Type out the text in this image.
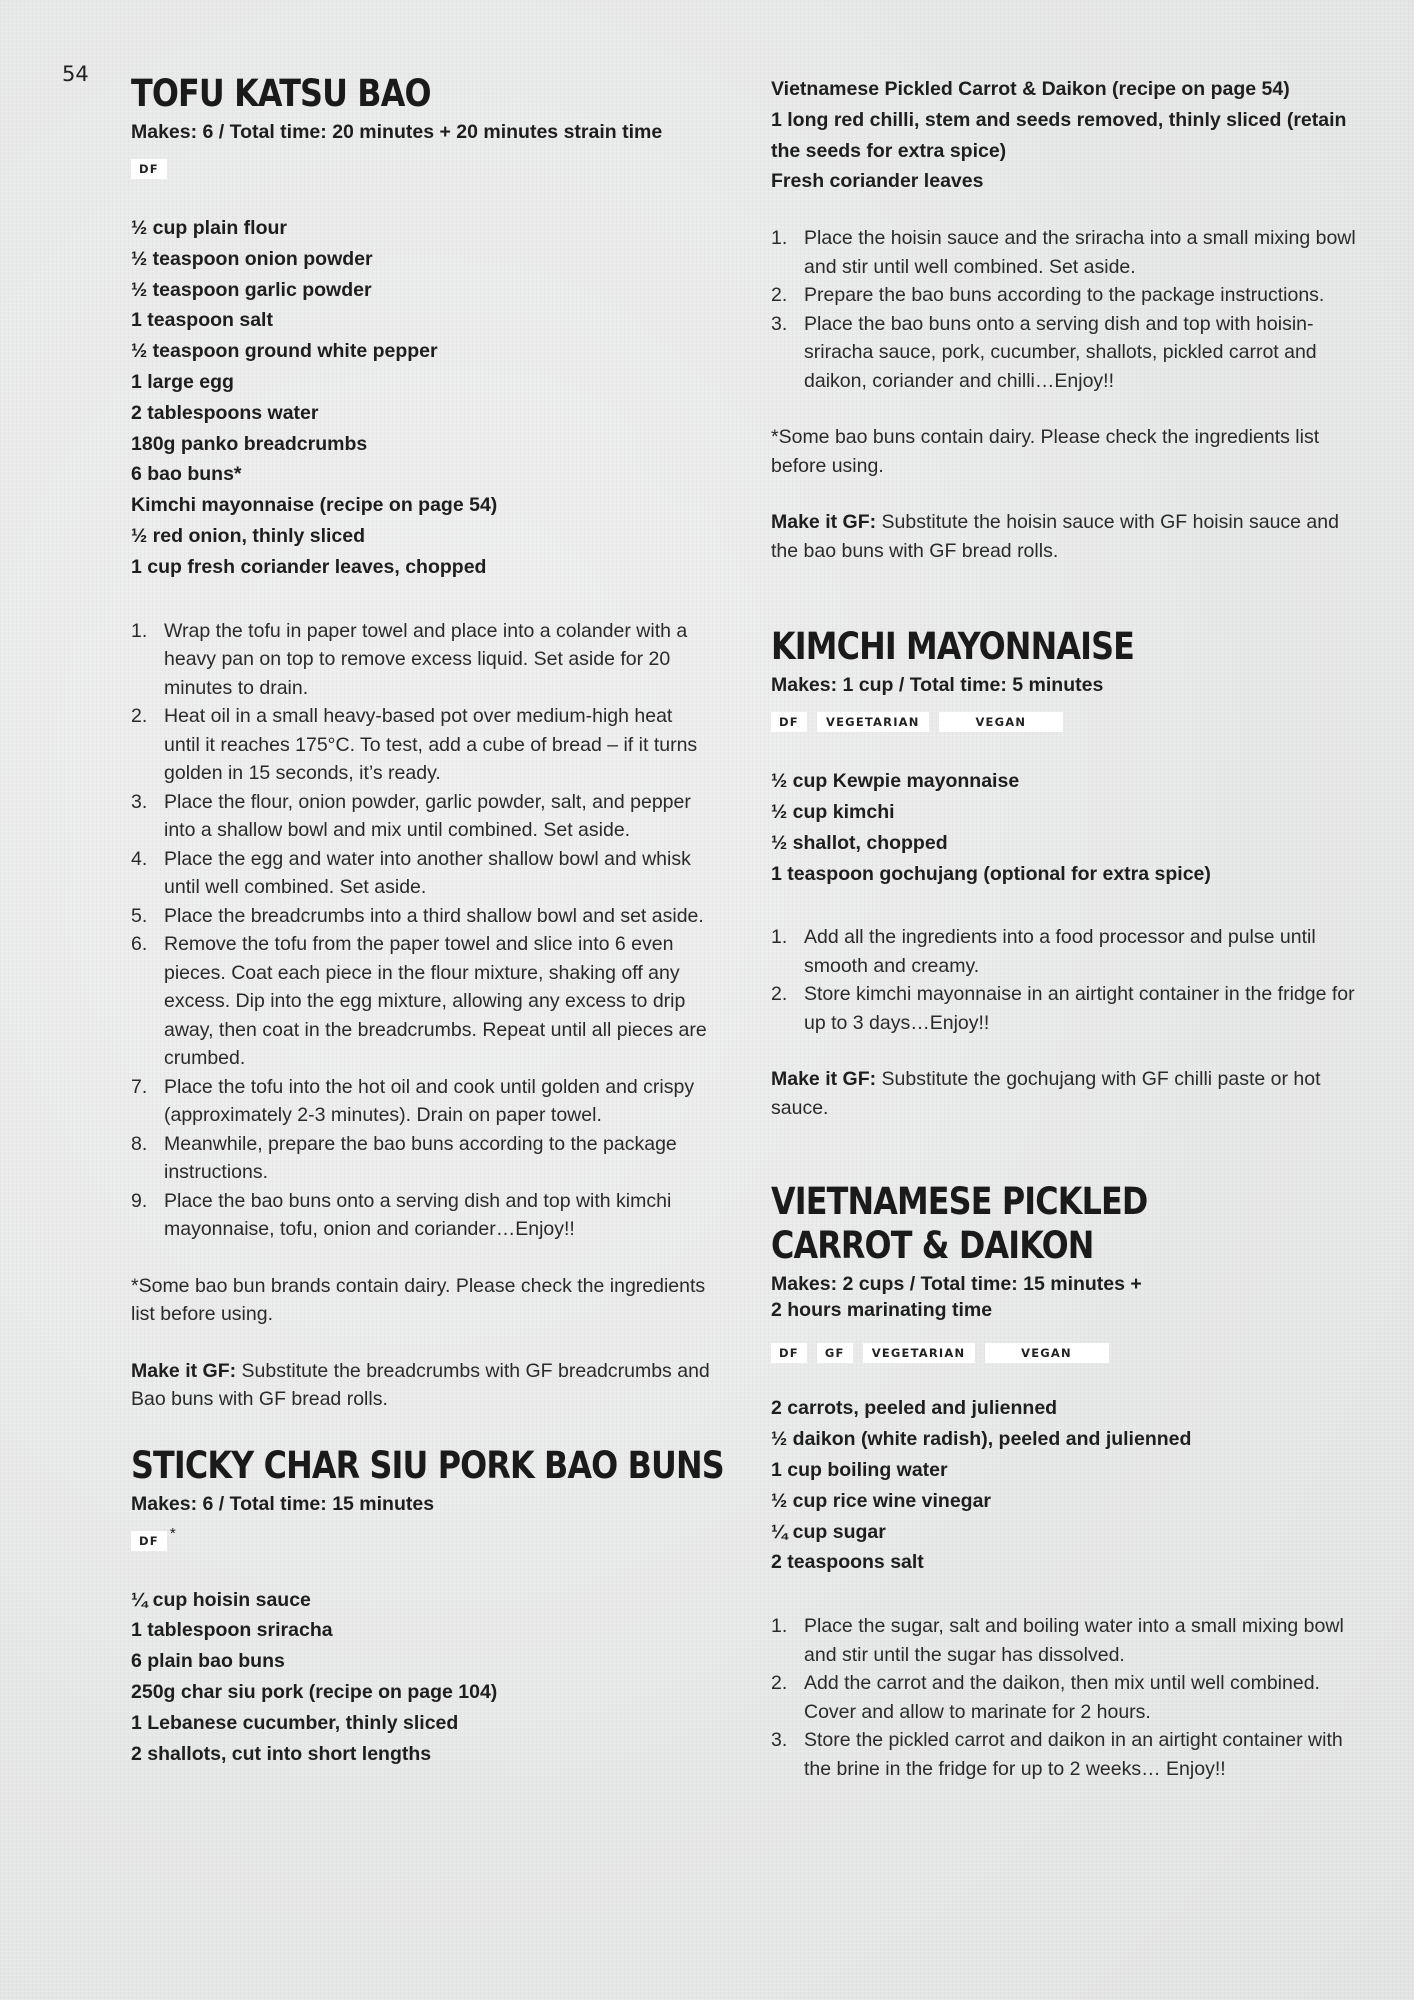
54 TOFU KATSU BAO
Makes: 6 / Total time: 20 minutes + 20 minutes strain time
DF
½ cup plain flour
½ teaspoon onion powder
½ teaspoon garlic powder
1 teaspoon salt
½ teaspoon ground white pepper
1 large egg
2 tablespoons water
180g panko breadcrumbs
6 bao buns*
Kimchi mayonnaise (recipe on page 54)
½ red onion, thinly sliced
1 cup fresh coriander leaves, chopped
1. Wrap the tofu in paper towel and place into a colander with a heavy pan on top to remove excess liquid. Set aside for 20 minutes to drain.
2. Heat oil in a small heavy-based pot over medium-high heat until it reaches 175°C. To test, add a cube of bread – if it turns golden in 15 seconds, it’s ready.
3. Place the flour, onion powder, garlic powder, salt, and pepper into a shallow bowl and mix until combined. Set aside.
4. Place the egg and water into another shallow bowl and whisk until well combined. Set aside.
5. Place the breadcrumbs into a third shallow bowl and set aside.
6. Remove the tofu from the paper towel and slice into 6 even pieces. Coat each piece in the flour mixture, shaking off any excess. Dip into the egg mixture, allowing any excess to drip away, then coat in the breadcrumbs. Repeat until all pieces are crumbed.
7. Place the tofu into the hot oil and cook until golden and crispy (approximately 2-3 minutes). Drain on paper towel.
8. Meanwhile, prepare the bao buns according to the package instructions.
9. Place the bao buns onto a serving dish and top with kimchi mayonnaise, tofu, onion and coriander…Enjoy!!

*Some bao bun brands contain dairy. Please check the ingredients list before using.

Make it GF: Substitute the breadcrumbs with GF breadcrumbs and Bao buns with GF bread rolls.

STICKY CHAR SIU PORK BAO BUNS
Makes: 6 / Total time: 15 minutes
DF *
¼ cup hoisin sauce
1 tablespoon sriracha
6 plain bao buns
250g char siu pork (recipe on page 104)
1 Lebanese cucumber, thinly sliced
2 shallots, cut into short lengths
Vietnamese Pickled Carrot & Daikon (recipe on page 54)
1 long red chilli, stem and seeds removed, thinly sliced (retain the seeds for extra spice)
Fresh coriander leaves
1. Place the hoisin sauce and the sriracha into a small mixing bowl and stir until well combined. Set aside.
2. Prepare the bao buns according to the package instructions.
3. Place the bao buns onto a serving dish and top with hoisin-sriracha sauce, pork, cucumber, shallots, pickled carrot and daikon, coriander and chilli…Enjoy!!

*Some bao buns contain dairy. Please check the ingredients list before using.

Make it GF: Substitute the hoisin sauce with GF hoisin sauce and the bao buns with GF bread rolls.

KIMCHI MAYONNAISE
Makes: 1 cup / Total time: 5 minutes
DF	VEGETARIAN	VEGAN
½ cup Kewpie mayonnaise
½ cup kimchi
½ shallot, chopped
1 teaspoon gochujang (optional for extra spice)
1. Add all the ingredients into a food processor and pulse until smooth and creamy.
2. Store kimchi mayonnaise in an airtight container in the fridge for up to 3 days…Enjoy!!

Make it GF: Substitute the gochujang with GF chilli paste or hot sauce.

VIETNAMESE PICKLED
CARROT & DAIKON
Makes: 2 cups / Total time: 15 minutes +
2 hours marinating time
DF	GF	VEGETARIAN	VEGAN
2 carrots, peeled and julienned
½ daikon (white radish), peeled and julienned
1 cup boiling water
½ cup rice wine vinegar
¼ cup sugar
2 teaspoons salt
1. Place the sugar, salt and boiling water into a small mixing bowl and stir until the sugar has dissolved.
2. Add the carrot and the daikon, then mix until well combined. Cover and allow to marinate for 2 hours.
3. Store the pickled carrot and daikon in an airtight container with the brine in the fridge for up to 2 weeks… Enjoy!!
